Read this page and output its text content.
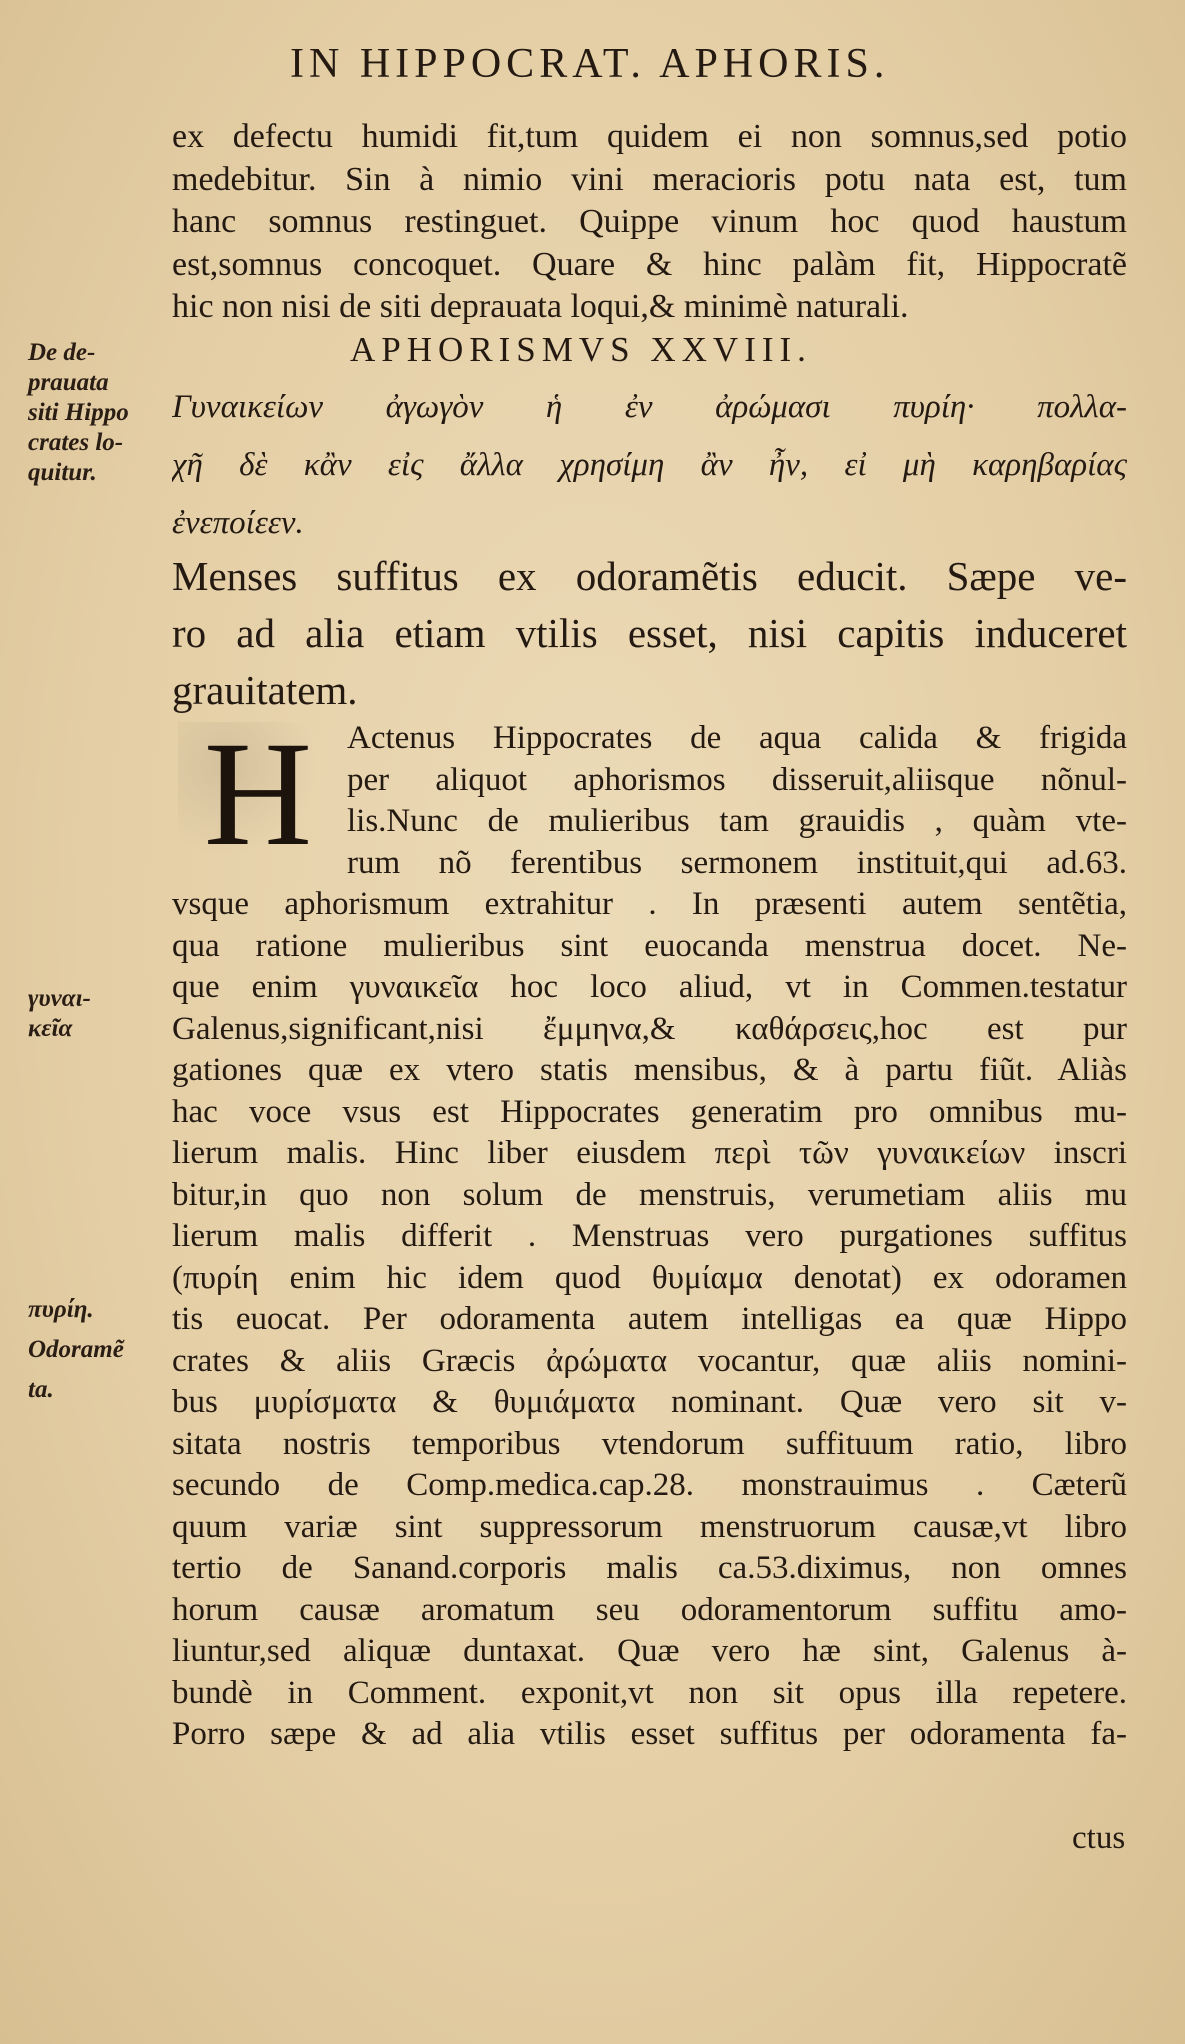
IN HIPPOCRAT. APHORIS.
ex defectu humidi fit,tum quidem ei non somnus,sed potio
medebitur. Sin à nimio vini meracioris potu nata est, tum
hanc somnus restinguet. Quippe vinum hoc quod haustum
est,somnus concoquet. Quare & hinc palàm fit, Hippocratẽ
hic non nisi de siti deprauata loqui,& minimè naturali.
APHORISMVS XXVIII.
Γυναικείων ἀγωγὸν ἡ ἐν ἀρώμασι πυρίη· πολλα-
χῆ δὲ κἂν εἰς ἄλλα χρησίμη ἂν ἦν, εἰ μὴ καρηβαρίας
ἐνεποίεεν.
Menses suffitus ex odoramẽtis educit. Sæpe ve-
ro ad alia etiam vtilis esset, nisi capitis induceret
grauitatem.
H	Actenus Hippocrates de aqua calida & frigida
per aliquot aphorismos disseruit,aliisque nõnul-
lis.Nunc de mulieribus tam grauidis , quàm vte-
rum nõ ferentibus sermonem instituit,qui ad.63.
vsque aphorismum extrahitur . In præsenti autem sentẽtia,
qua ratione mulieribus sint euocanda menstrua docet. Ne-
que enim γυναικεῖα hoc loco aliud, vt in Commen.testatur
Galenus,significant,nisi ἔμμηνα,& καθάρσεις,hoc est pur
gationes quæ ex vtero statis mensibus, & à partu fiũt. Aliàs
hac voce vsus est Hippocrates generatim pro omnibus mu-
lierum malis. Hinc liber eiusdem περὶ τῶν γυναικείων inscri
bitur,in quo non solum de menstruis, verumetiam aliis mu
lierum malis differit . Menstruas vero purgationes suffitus
(πυρίη enim hic idem quod θυμίαμα denotat) ex odoramen
tis euocat. Per odoramenta autem intelligas ea quæ Hippo
crates & aliis Græcis ἀρώματα vocantur, quæ aliis nomini-
bus μυρίσματα & θυμιάματα nominant. Quæ vero sit v-
sitata nostris temporibus vtendorum suffituum ratio, libro
secundo de Comp.medica.cap.28. monstrauimus . Cæterũ
quum variæ sint suppressorum menstruorum causæ,vt libro
tertio de Sanand.corporis malis ca.53.diximus, non omnes
horum causæ aromatum seu odoramentorum suffitu amo-
liuntur,sed aliquæ duntaxat. Quæ vero hæ sint, Galenus à-
bundè in Comment. exponit,vt non sit opus illa repetere.
Porro sæpe & ad alia vtilis esset suffitus per odoramenta fa-
ctus
De de-
prauata
siti Hippo
crates lo-
quitur.
γυναι-
κεῖα
πυρίη.
Odoramẽ
ta.
